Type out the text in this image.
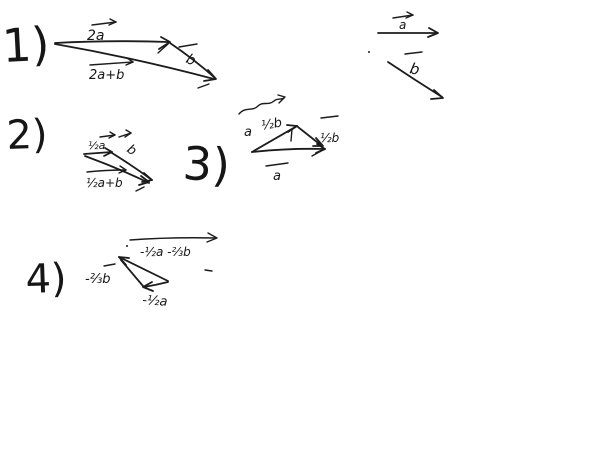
1)	2a
b
2a+b
a
b
2)	½a b
½a+b 3)
a ½b
½b
a
4)
-½a -⅔b
-⅔b
-½a
